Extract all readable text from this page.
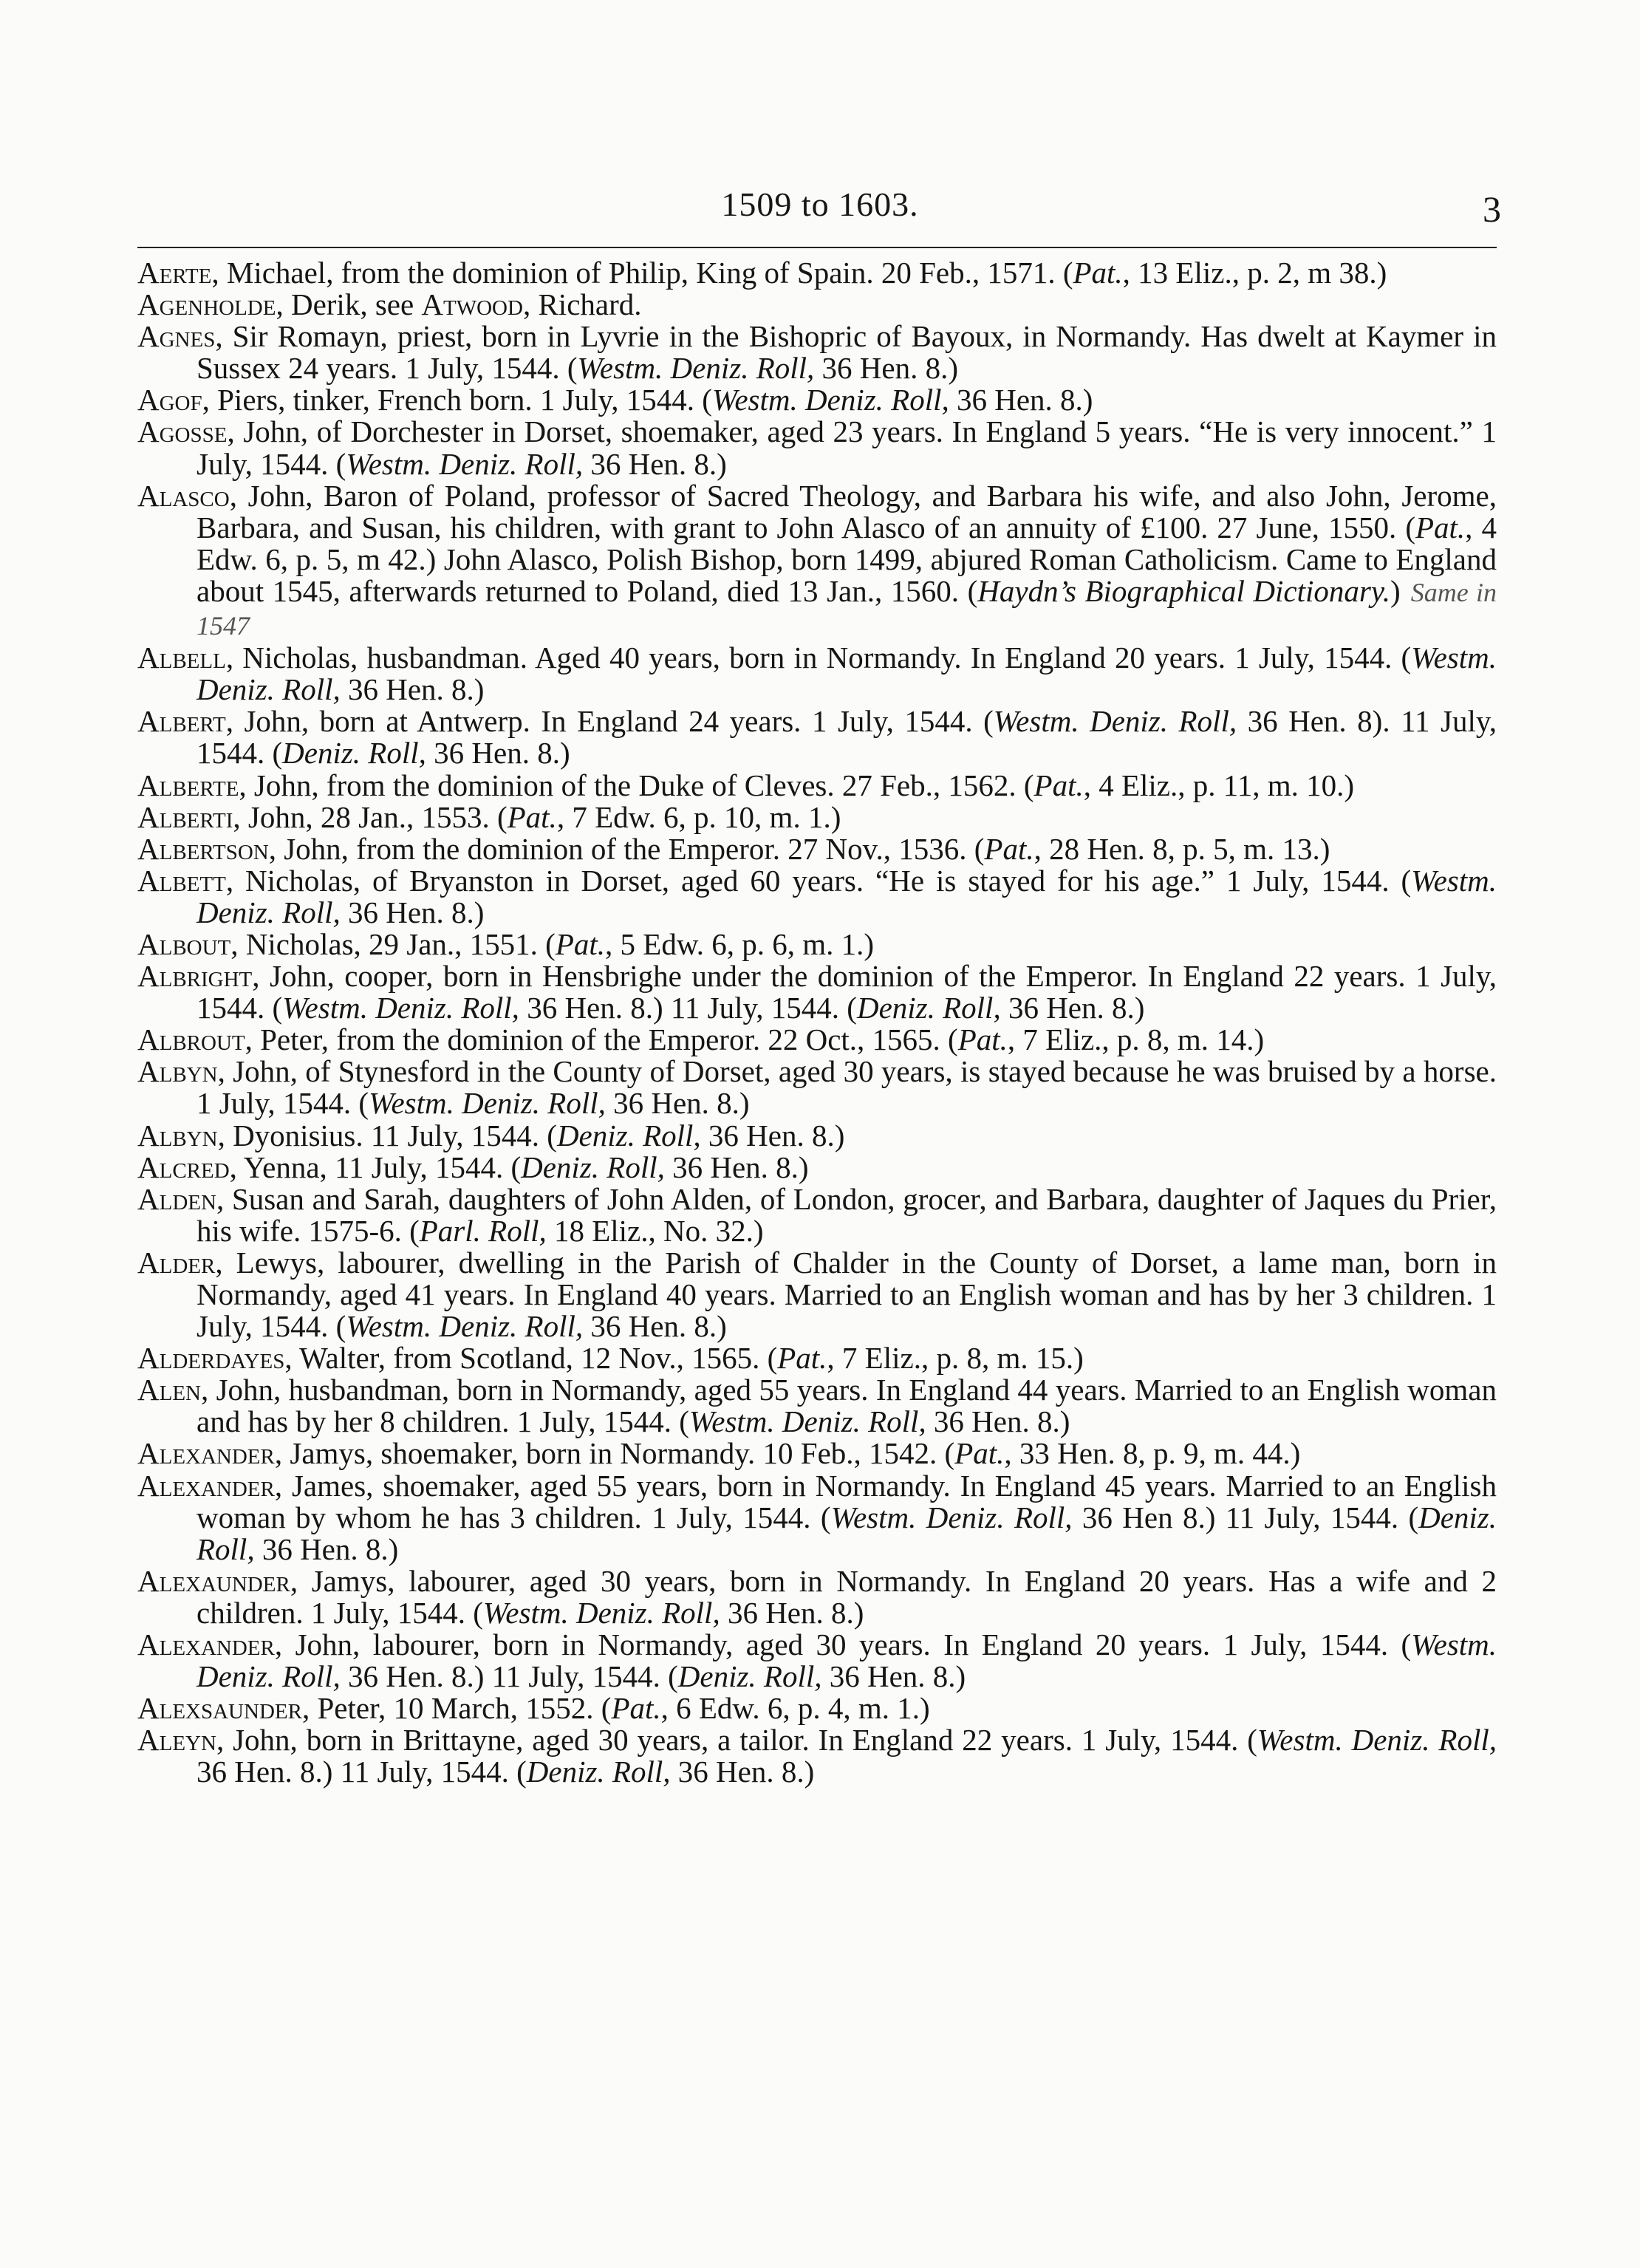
1509 to 1603.	3
Aerte, Michael, from the dominion of Philip, King of Spain. 20 Feb., 1571. (Pat., 13 Eliz., p. 2, m 38.)
Agenholde, Derik, see Atwood, Richard.
Agnes, Sir Romayn, priest, born in Lyvrie in the Bishopric of Bayoux, in Normandy. Has dwelt at Kaymer in Sussex 24 years. 1 July, 1544. (Westm. Deniz. Roll, 36 Hen. 8.)
Agof, Piers, tinker, French born. 1 July, 1544. (Westm. Deniz. Roll, 36 Hen. 8.)
Agosse, John, of Dorchester in Dorset, shoemaker, aged 23 years. In England 5 years. “He is very innocent.” 1 July, 1544. (Westm. Deniz. Roll, 36 Hen. 8.)
Alasco, John, Baron of Poland, professor of Sacred Theology, and Barbara his wife, and also John, Jerome, Barbara, and Susan, his children, with grant to John Alasco of an annuity of £100. 27 June, 1550. (Pat., 4 Edw. 6, p. 5, m 42.) John Alasco, Polish Bishop, born 1499, abjured Roman Catholicism. Came to England about 1545, afterwards returned to Poland, died 13 Jan., 1560. (Haydn’s Biographical Dictionary.) Same in 1547
Albell, Nicholas, husbandman. Aged 40 years, born in Normandy. In England 20 years. 1 July, 1544. (Westm. Deniz. Roll, 36 Hen. 8.)
Albert, John, born at Antwerp. In England 24 years. 1 July, 1544. (Westm. Deniz. Roll, 36 Hen. 8). 11 July, 1544. (Deniz. Roll, 36 Hen. 8.)
Alberte, John, from the dominion of the Duke of Cleves. 27 Feb., 1562. (Pat., 4 Eliz., p. 11, m. 10.)
Alberti, John, 28 Jan., 1553. (Pat., 7 Edw. 6, p. 10, m. 1.)
Albertson, John, from the dominion of the Emperor. 27 Nov., 1536. (Pat., 28 Hen. 8, p. 5, m. 13.)
Albett, Nicholas, of Bryanston in Dorset, aged 60 years. “He is stayed for his age.” 1 July, 1544. (Westm. Deniz. Roll, 36 Hen. 8.)
Albout, Nicholas, 29 Jan., 1551. (Pat., 5 Edw. 6, p. 6, m. 1.)
Albright, John, cooper, born in Hensbrighe under the dominion of the Emperor. In England 22 years. 1 July, 1544. (Westm. Deniz. Roll, 36 Hen. 8.) 11 July, 1544. (Deniz. Roll, 36 Hen. 8.)
Albrout, Peter, from the dominion of the Emperor. 22 Oct., 1565. (Pat., 7 Eliz., p. 8, m. 14.)
Albyn, John, of Stynesford in the County of Dorset, aged 30 years, is stayed because he was bruised by a horse. 1 July, 1544. (Westm. Deniz. Roll, 36 Hen. 8.)
Albyn, Dyonisius. 11 July, 1544. (Deniz. Roll, 36 Hen. 8.)
Alcred, Yenna, 11 July, 1544. (Deniz. Roll, 36 Hen. 8.)
Alden, Susan and Sarah, daughters of John Alden, of London, grocer, and Barbara, daughter of Jaques du Prier, his wife. 1575-6. (Parl. Roll, 18 Eliz., No. 32.)
Alder, Lewys, labourer, dwelling in the Parish of Chalder in the County of Dorset, a lame man, born in Normandy, aged 41 years. In England 40 years. Married to an English woman and has by her 3 children. 1 July, 1544. (Westm. Deniz. Roll, 36 Hen. 8.)
Alderdayes, Walter, from Scotland, 12 Nov., 1565. (Pat., 7 Eliz., p. 8, m. 15.)
Alen, John, husbandman, born in Normandy, aged 55 years. In England 44 years. Married to an English woman and has by her 8 children. 1 July, 1544. (Westm. Deniz. Roll, 36 Hen. 8.)
Alexander, Jamys, shoemaker, born in Normandy. 10 Feb., 1542. (Pat., 33 Hen. 8, p. 9, m. 44.)
Alexander, James, shoemaker, aged 55 years, born in Normandy. In England 45 years. Married to an English woman by whom he has 3 children. 1 July, 1544. (Westm. Deniz. Roll, 36 Hen 8.) 11 July, 1544. (Deniz. Roll, 36 Hen. 8.)
Alexaunder, Jamys, labourer, aged 30 years, born in Normandy. In England 20 years. Has a wife and 2 children. 1 July, 1544. (Westm. Deniz. Roll, 36 Hen. 8.)
Alexander, John, labourer, born in Normandy, aged 30 years. In England 20 years. 1 July, 1544. (Westm. Deniz. Roll, 36 Hen. 8.) 11 July, 1544. (Deniz. Roll, 36 Hen. 8.)
Alexsaunder, Peter, 10 March, 1552. (Pat., 6 Edw. 6, p. 4, m. 1.)
Aleyn, John, born in Brittayne, aged 30 years, a tailor. In England 22 years. 1 July, 1544. (Westm. Deniz. Roll, 36 Hen. 8.) 11 July, 1544. (Deniz. Roll, 36 Hen. 8.)
